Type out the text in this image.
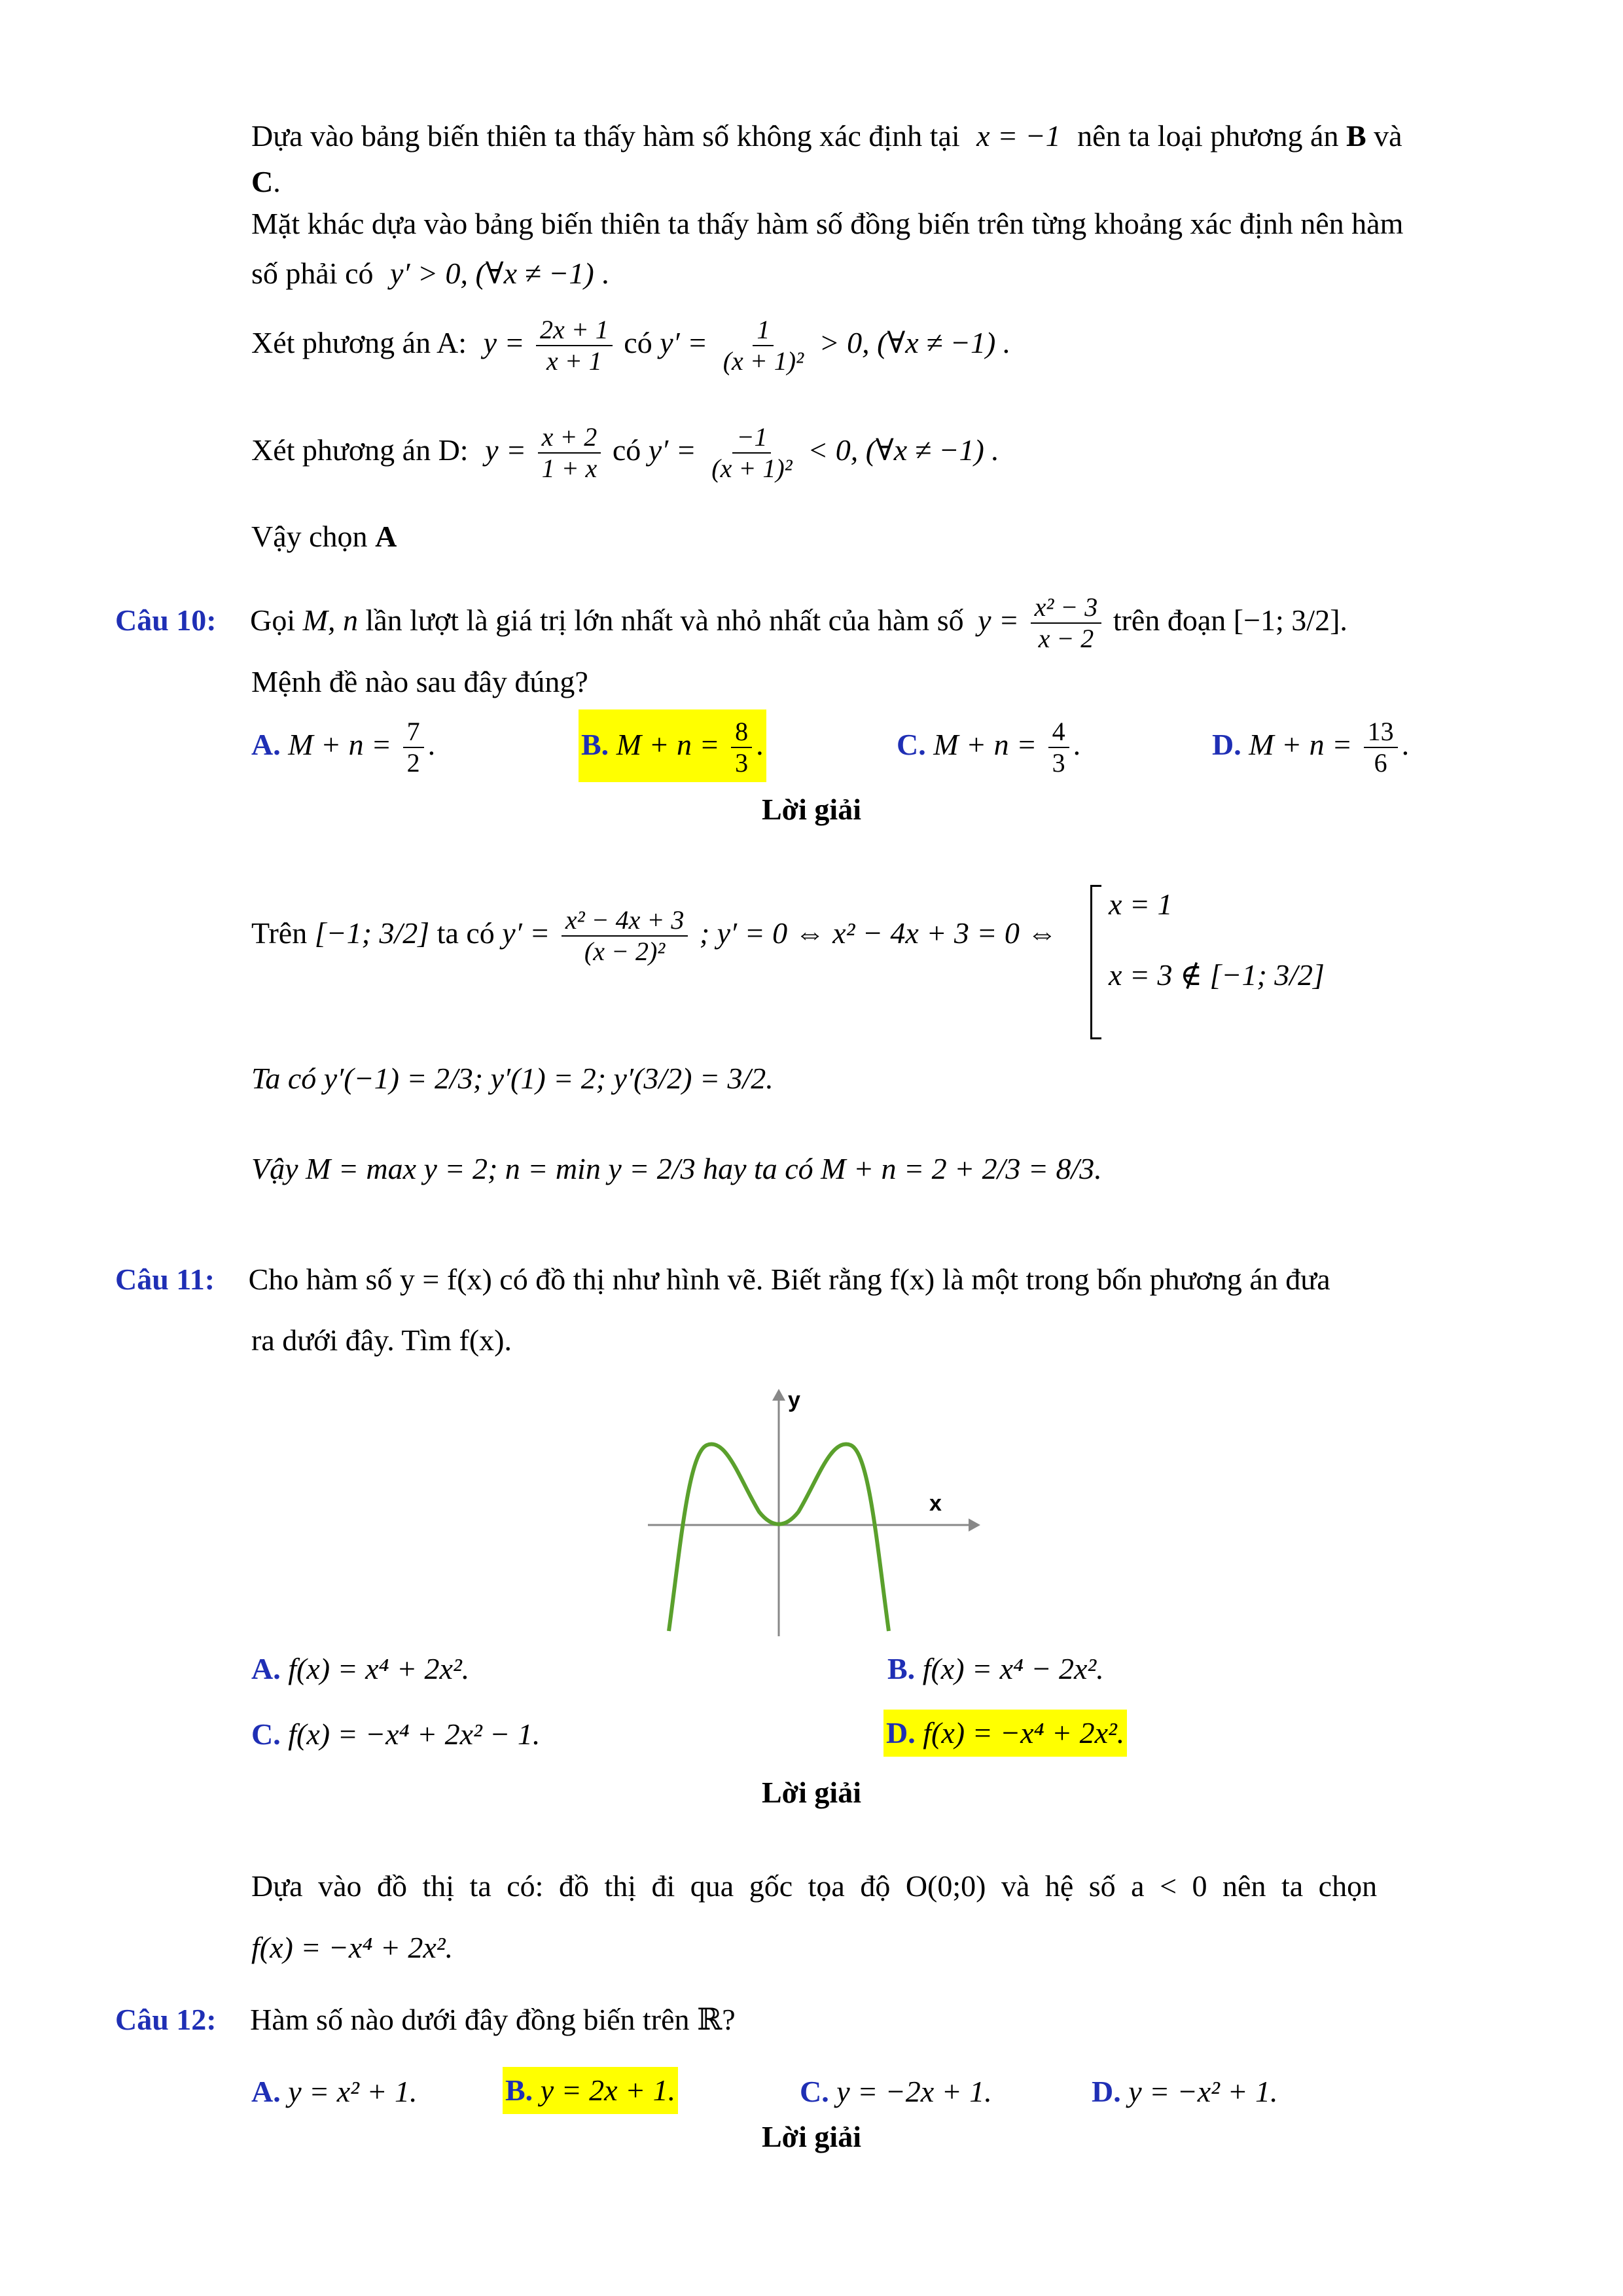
Dựa vào bảng biến thiên ta thấy hàm số không xác định tại x = −1 nên ta loại phương án B và
C.
Mặt khác dựa vào bảng biến thiên ta thấy hàm số đồng biến trên từng khoảng xác định nên hàm
số phải có y′ > 0, (∀x ≠ −1) .
Xét phương án A: $y = \frac{2x + 1}{x + 1}$ có $y' = \frac{1}{\text{(x + 1)²}} > 0$, (∀x ≠ −1) .
Xét phương án D: $y = \frac{x + 2}{1 + x}$ có $y' = \frac{-1}{\text{(x + 1)²}} < 0$, (∀x ≠ −1) .
Vậy chọn A
Câu 10: Gọi M, n lần lượt là giá trị lớn nhất và nhỏ nhất của hàm số $y = \frac{\text{x² − 3}}{x - 2}$ trên đoạn [−1; 3/2].
Mệnh đề nào sau đây đúng?
A. $M + n = \frac{7}{2}$ .	B. $M + n = \frac{8}{3}$ .	C. $M + n = \frac{4}{3}$ .	D. $M + n = \frac{13}{6}$ .
Lời giải
Trên [−1; 3/2] ta có $y' = \frac{\text{x² − 4x + 3}}{\text{(x − 2)²}}$ ; y′ = 0 ⇔ x² − 4x + 3 = 0 ⇔
x = 1
x = 3 ∉ [−1; 3/2]
Ta có y′(−1) = 2/3; y′(1) = 2; y′(3/2) = 3/2.
Vậy M = max y = 2; n = min y = 2/3 hay ta có M + n = 2 + 2/3 = 8/3.
Câu 11: Cho hàm số y = f(x) có đồ thị như hình vẽ. Biết rằng f(x) là một trong bốn phương án đưa
ra dưới đây. Tìm f(x).
y
x
A. f(x) = x⁴ + 2x².	B. f(x) = x⁴ − 2x².
C. f(x) = −x⁴ + 2x² − 1.	D. f(x) = −x⁴ + 2x².
Lời giải
Dựa vào đồ thị ta có: đồ thị đi qua gốc tọa độ O(0;0) và hệ số a < 0 nên ta chọn
f(x) = −x⁴ + 2x².
Câu 12: Hàm số nào dưới đây đồng biến trên ℝ?
A. y = x² + 1.	B. y = 2x + 1.	C. y = −2x + 1.	D. y = −x² + 1.
Lời giải
